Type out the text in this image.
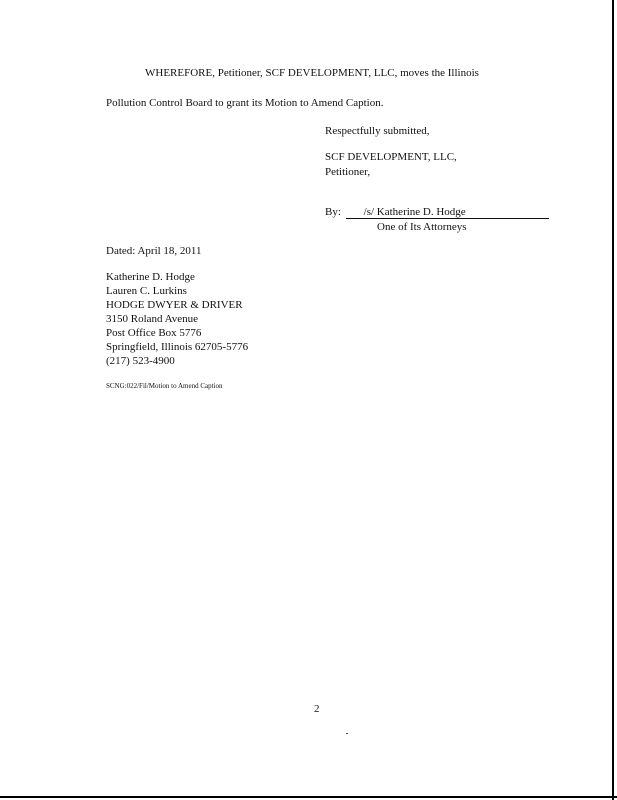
WHEREFORE, Petitioner, SCF DEVELOPMENT, LLC, moves the Illinois
Pollution Control Board to grant its Motion to Amend Caption.
Respectfully submitted,
SCF DEVELOPMENT, LLC,
Petitioner,
By: /s/ Katherine D. Hodge
One of Its Attorneys
Dated: April 18, 2011
Katherine D. Hodge
Lauren C. Lurkins
HODGE DWYER & DRIVER
3150 Roland Avenue
Post Office Box 5776
Springfield, Illinois 62705-5776
(217) 523-4900
SCNG:022/Fil/Motion to Amend Caption
2
